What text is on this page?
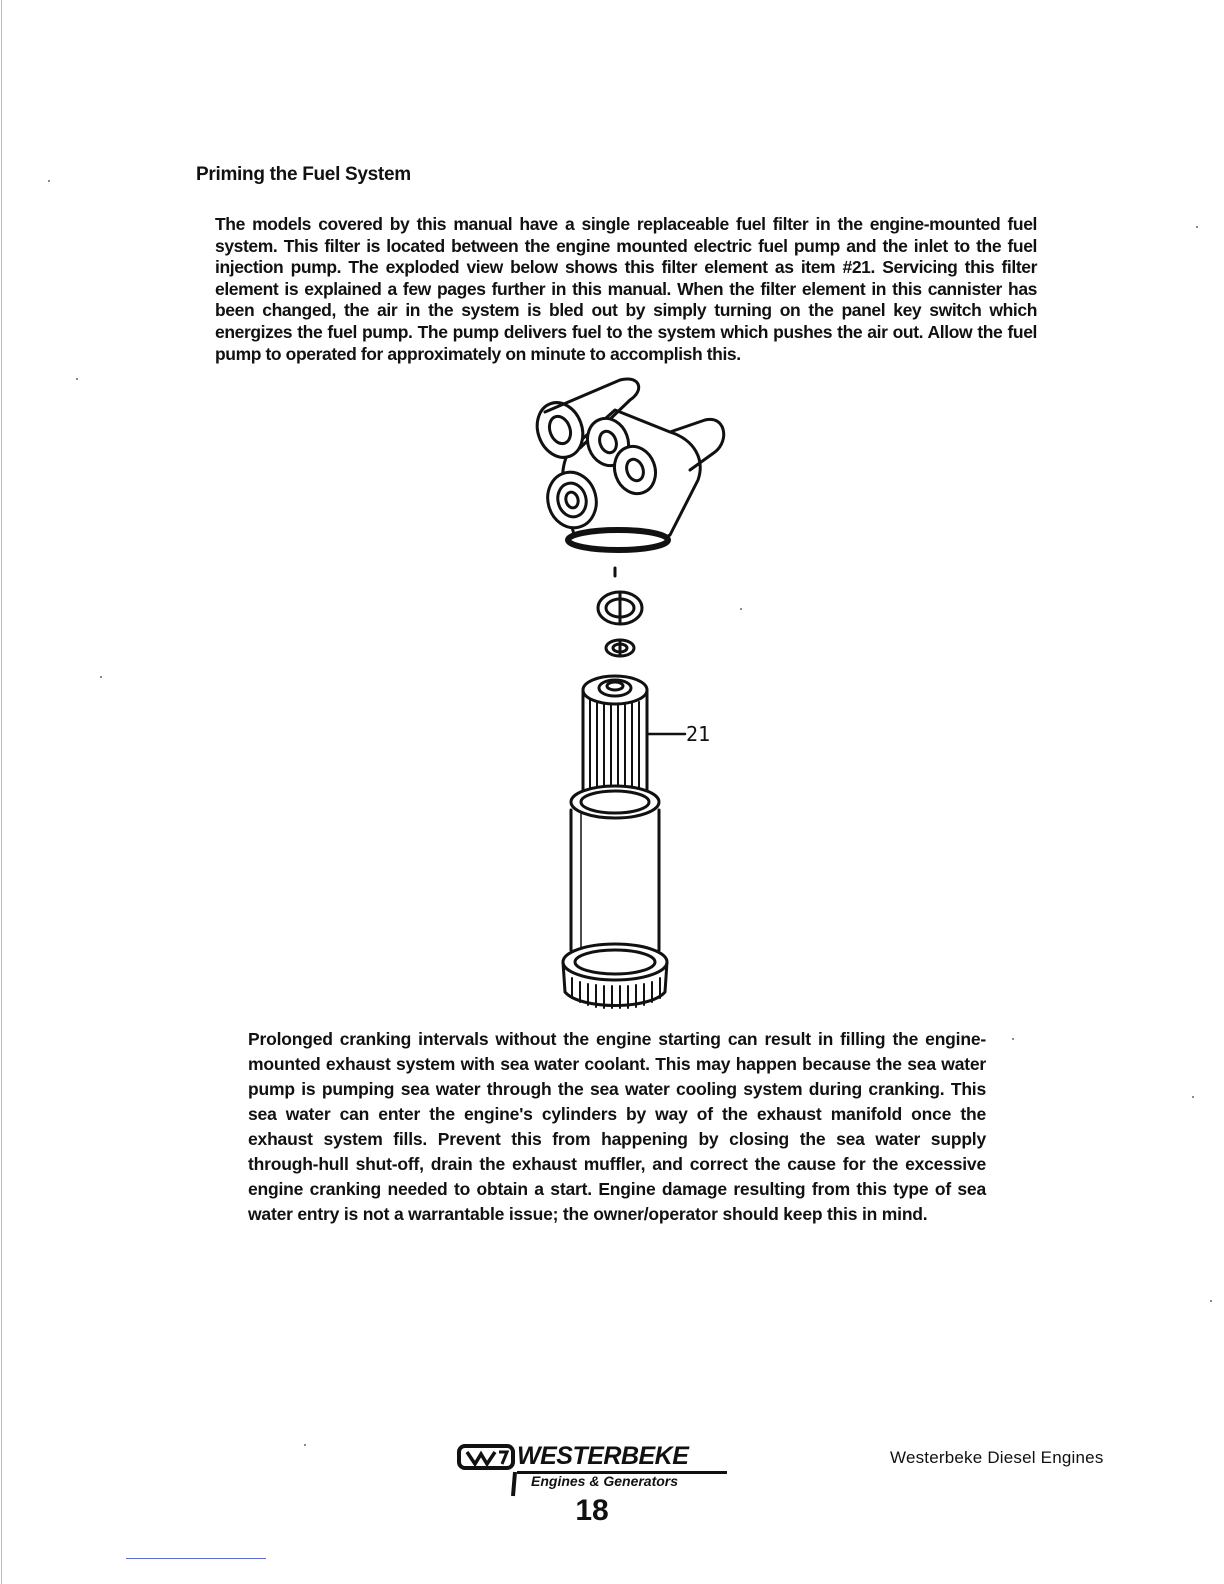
Priming the Fuel System
The models covered by this manual have a single replaceable fuel filter in the engine-mounted fuel system. This filter is located between the engine mounted electric fuel pump and the inlet to the fuel injection pump. The exploded view below shows this filter element as item #21. Servicing this filter element is explained a few pages further in this manual. When the filter element in this cannister has been changed, the air in the system is bled out by simply turning on the panel key switch which energizes the fuel pump. The pump delivers fuel to the system which pushes the air out. Allow the fuel pump to operated for approximately on minute to accomplish this.
21
Prolonged cranking intervals without the engine starting can result in filling the engine-mounted exhaust system with sea water coolant. This may happen because the sea water pump is pumping sea water through the sea water cooling system during cranking. This sea water can enter the engine's cylinders by way of the exhaust manifold once the exhaust system fills. Prevent this from happening by closing the sea water supply through-hull shut-off, drain the exhaust muffler, and correct the cause for the excessive engine cranking needed to obtain a start. Engine damage resulting from this type of sea water entry is not a warrantable issue; the owner/operator should keep this in mind.
WESTERBEKE
Engines & Generators
18
Westerbeke Diesel Engines
